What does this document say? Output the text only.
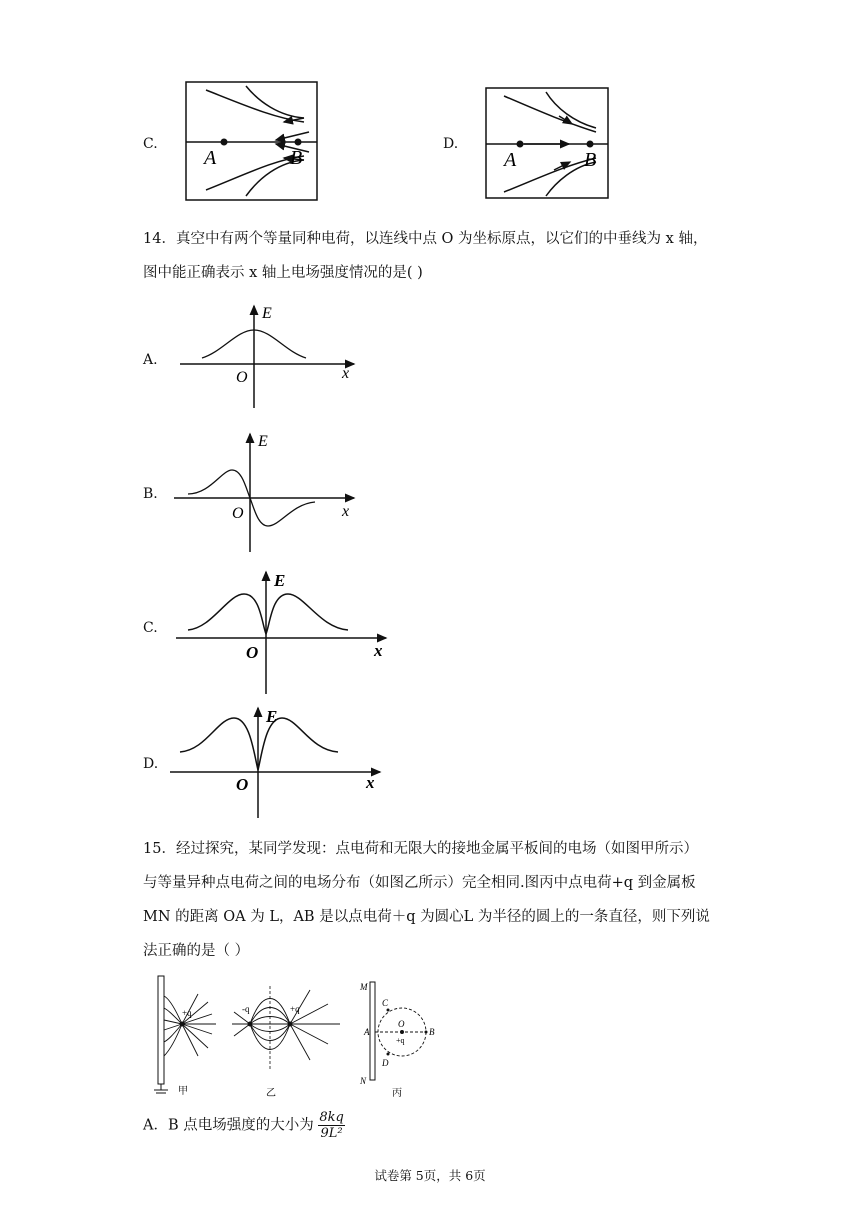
C.
A	B
D.
A	B
14．真空中有两个等量同种电荷，以连线中点 O 为坐标原点，以它们的中垂线为 x 轴，
图中能正确表示 x 轴上电场强度情况的是( )
A.
E
O	x
B.
E
O	x
C.
E
O	x
D.
E
O	x
15．经过探究，某同学发现：点电荷和无限大的接地金属平板间的电场（如图甲所示）
与等量异种点电荷之间的电场分布（如图乙所示）完全相同.图丙中点电荷+q 到金属板
MN 的距离 OA 为 L，AB 是以点电荷＋q 为圆心L 为半径的圆上的一条直径，则下列说
法正确的是（ ）
+q
甲
-q	+q
乙
M
N
A	B
C
D
O
+q
丙
A．B 点电场强度的大小为 $\frac{8kq}{\text{9L²}}$
试卷第 5页，共 6页
